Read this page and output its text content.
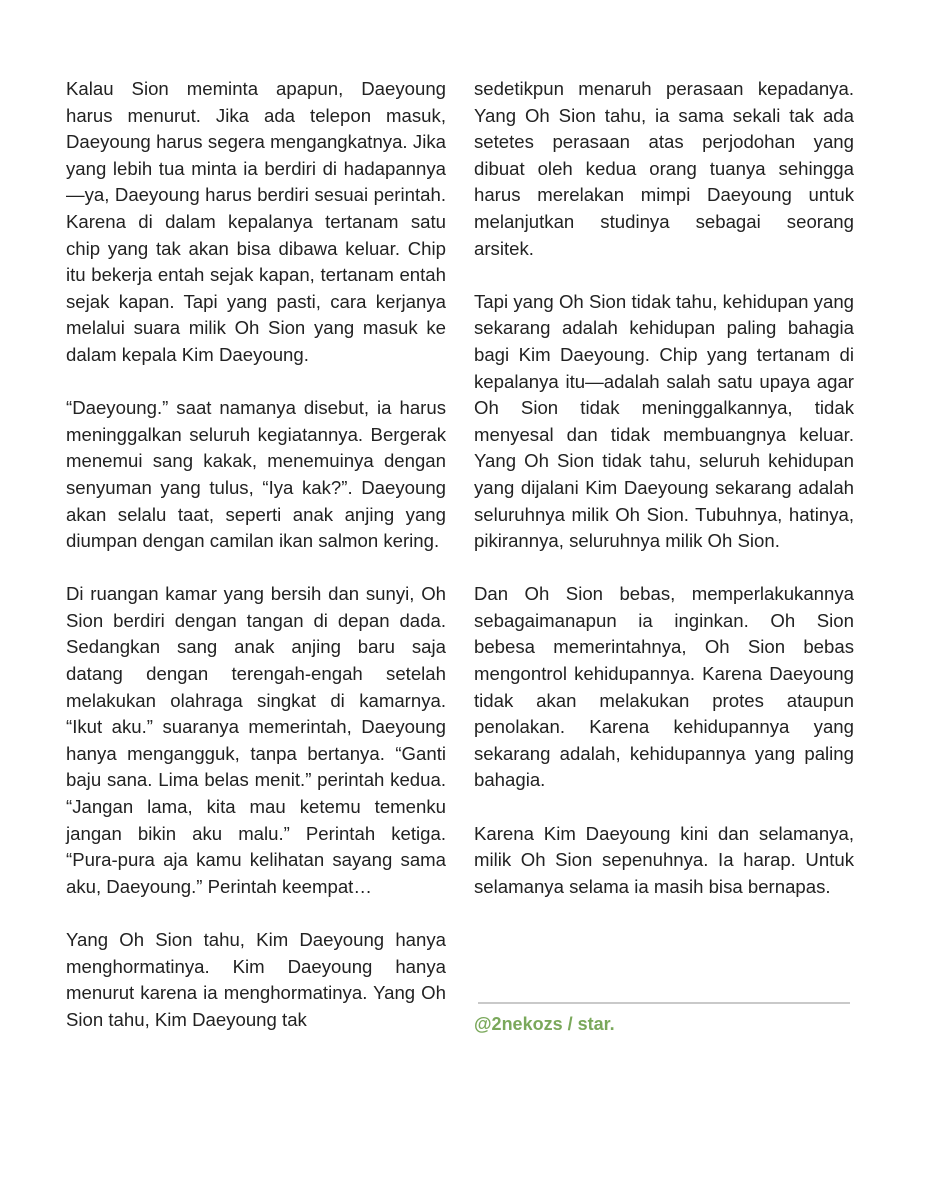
Kalau Sion meminta apapun, Daeyoung harus menurut. Jika ada telepon masuk, Daeyoung harus segera mengangkatnya. Jika yang lebih tua minta ia berdiri di hadapannya—ya, Daeyoung harus berdiri sesuai perintah. Karena di dalam kepalanya tertanam satu chip yang tak akan bisa dibawa keluar. Chip itu bekerja entah sejak kapan, tertanam entah sejak kapan. Tapi yang pasti, cara kerjanya melalui suara milik Oh Sion yang masuk ke dalam kepala Kim Daeyoung.

“Daeyoung.” saat namanya disebut, ia harus meninggalkan seluruh kegiatannya. Bergerak menemui sang kakak, menemuinya dengan senyuman yang tulus, “Iya kak?”. Daeyoung akan selalu taat, seperti anak anjing yang diumpan dengan camilan ikan salmon kering.

Di ruangan kamar yang bersih dan sunyi, Oh Sion berdiri dengan tangan di depan dada. Sedangkan sang anak anjing baru saja datang dengan terengah-engah setelah melakukan olahraga singkat di kamarnya. “Ikut aku.” suaranya memerintah, Daeyoung hanya mengangguk, tanpa bertanya. “Ganti baju sana. Lima belas menit.” perintah kedua. “Jangan lama, kita mau ketemu temenku jangan bikin aku malu.” Perintah ketiga. “Pura-pura aja kamu kelihatan sayang sama aku, Daeyoung.” Perintah keempat…

Yang Oh Sion tahu, Kim Daeyoung hanya menghormatinya. Kim Daeyoung hanya menurut karena ia menghormatinya. Yang Oh Sion tahu, Kim Daeyoung tak

sedetikpun menaruh perasaan kepadanya. Yang Oh Sion tahu, ia sama sekali tak ada setetes perasaan atas perjodohan yang dibuat oleh kedua orang tuanya sehingga harus merelakan mimpi Daeyoung untuk melanjutkan studinya sebagai seorang arsitek.

Tapi yang Oh Sion tidak tahu, kehidupan yang sekarang adalah kehidupan paling bahagia bagi Kim Daeyoung. Chip yang tertanam di kepalanya itu—adalah salah satu upaya agar Oh Sion tidak meninggalkannya, tidak menyesal dan tidak membuangnya keluar. Yang Oh Sion tidak tahu, seluruh kehidupan yang dijalani Kim Daeyoung sekarang adalah seluruhnya milik Oh Sion. Tubuhnya, hatinya, pikirannya, seluruhnya milik Oh Sion.

Dan Oh Sion bebas, memperlakukannya sebagaimanapun ia inginkan. Oh Sion bebesa memerintahnya, Oh Sion bebas mengontrol kehidupannya. Karena Daeyoung tidak akan melakukan protes ataupun penolakan. Karena kehidupannya yang sekarang adalah, kehidupannya yang paling bahagia.

Karena Kim Daeyoung kini dan selamanya, milik Oh Sion sepenuhnya. Ia harap. Untuk selamanya selama ia masih bisa bernapas.

@2nekozs / star.
